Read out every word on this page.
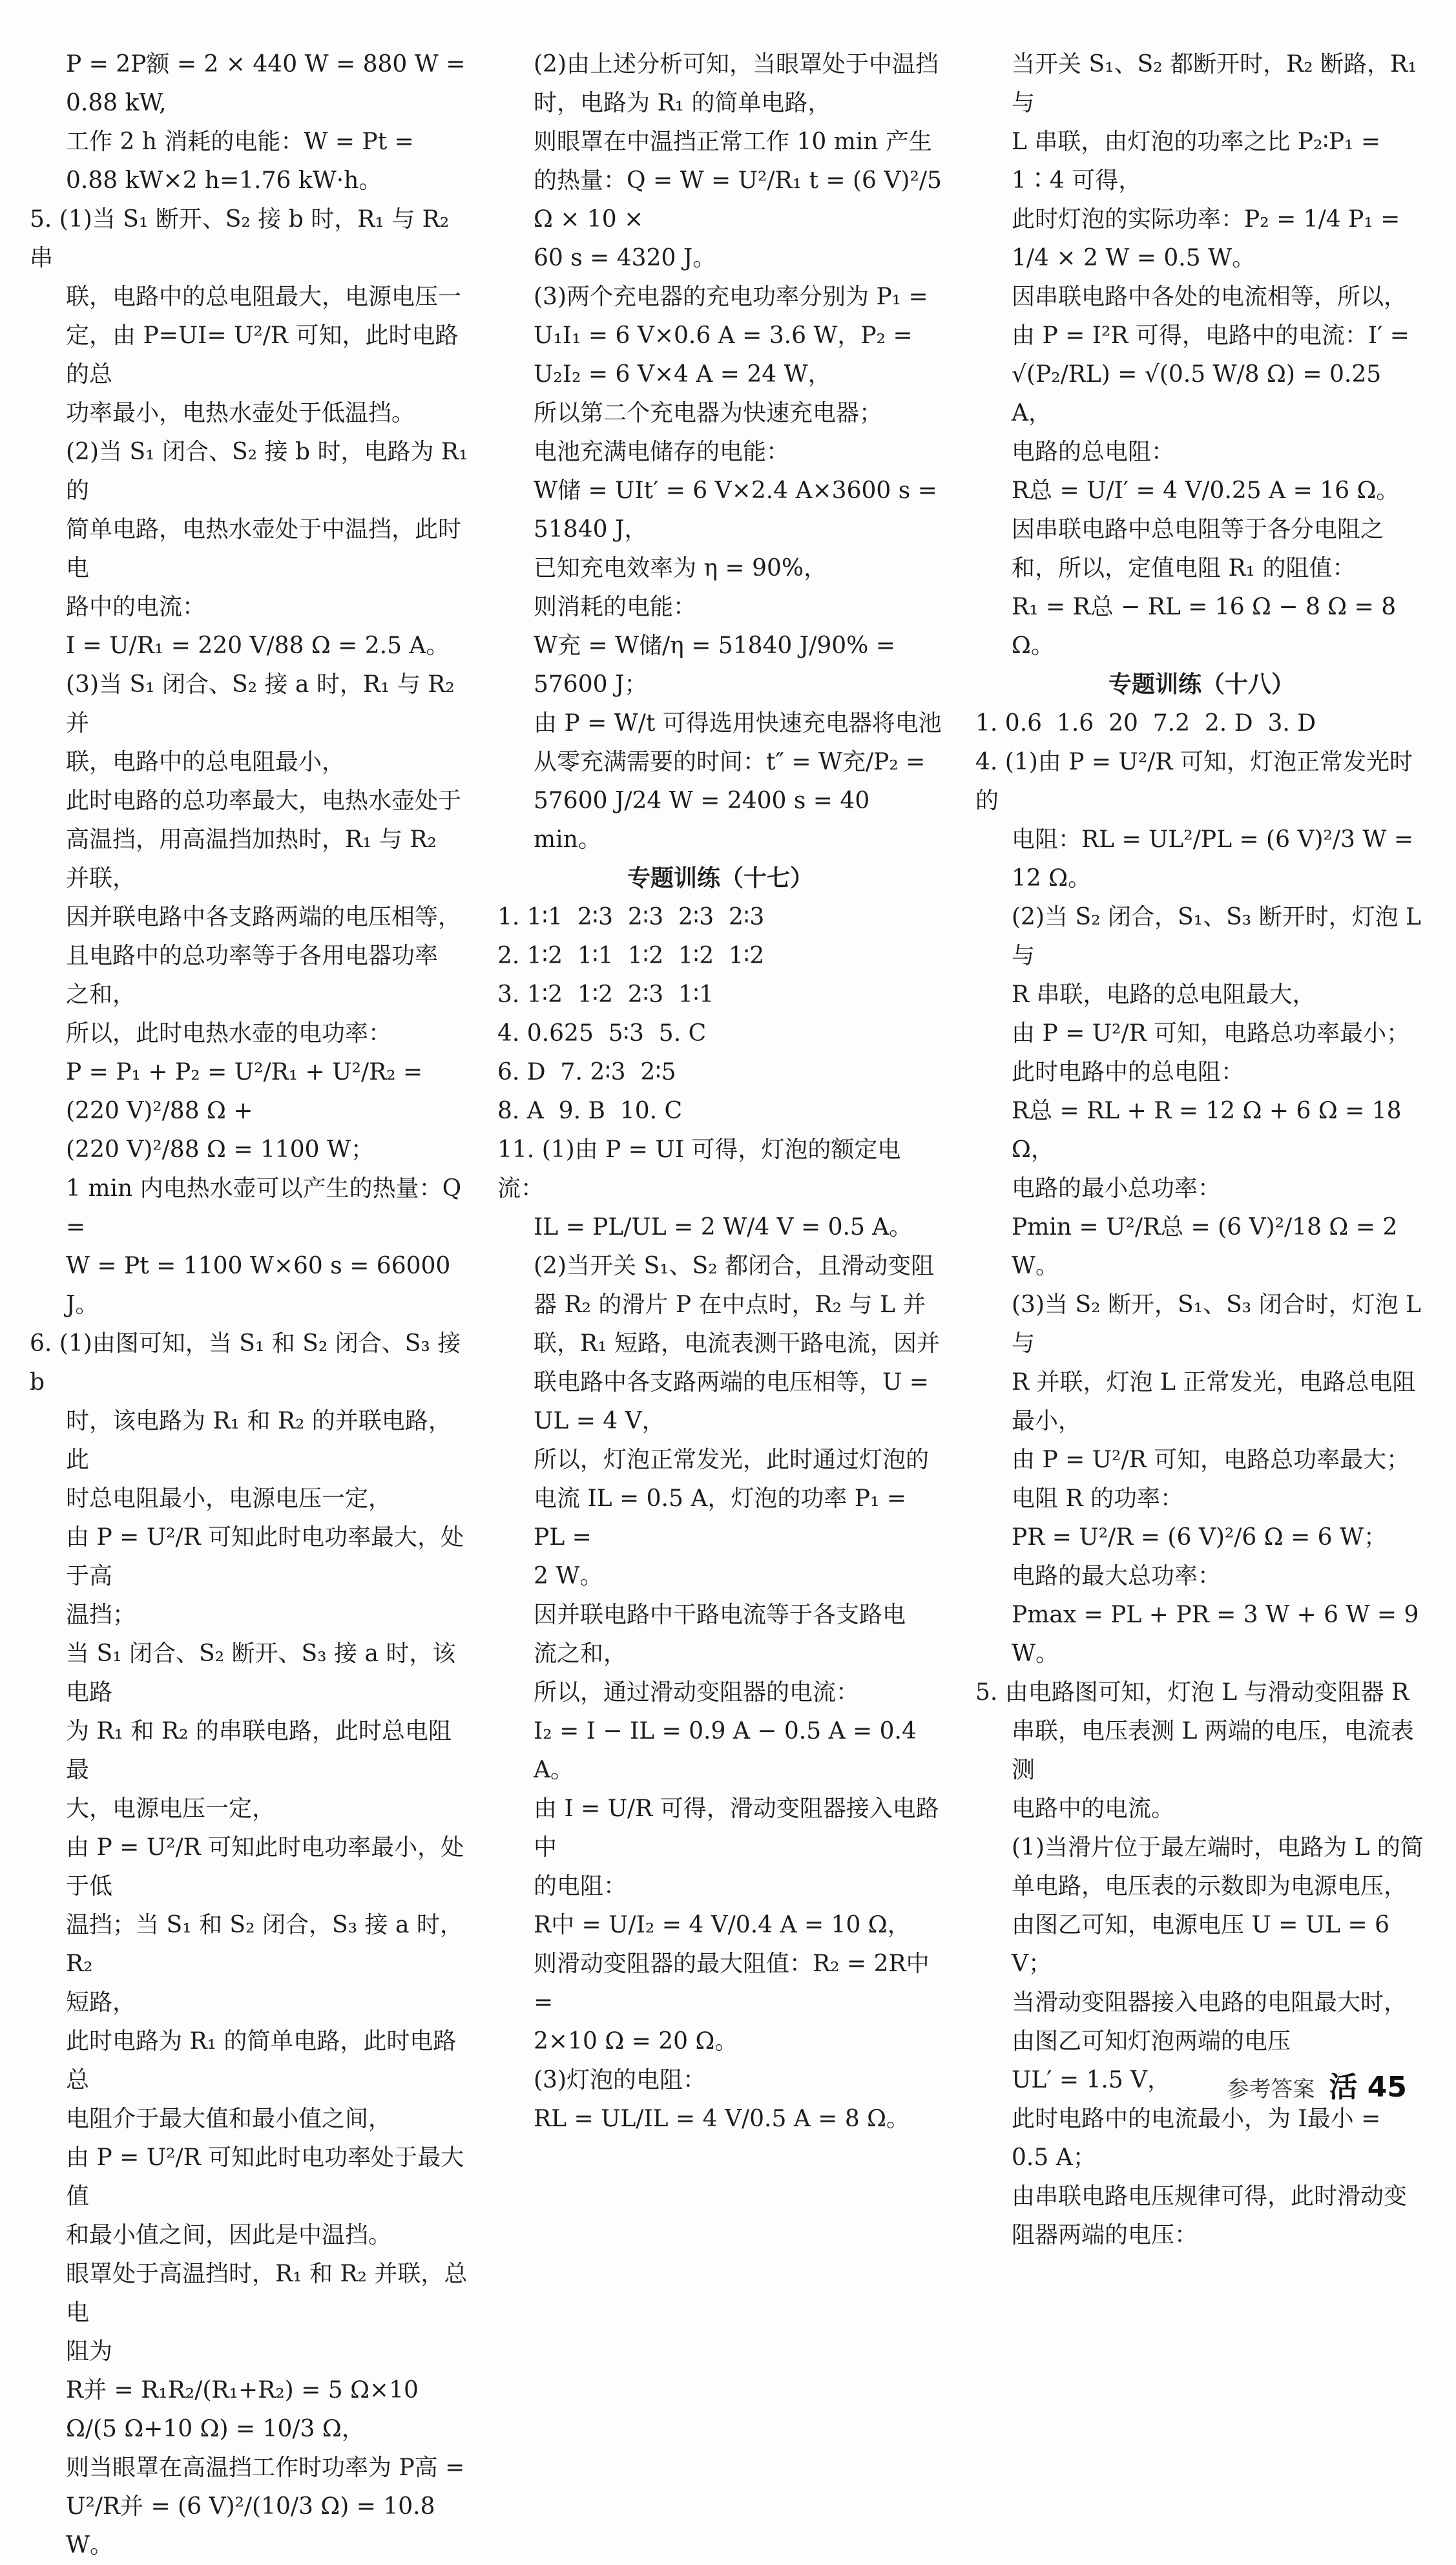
P = 2P额 = 2 × 440 W = 880 W =
0.88 kW,
工作 2 h 消耗的电能：W = Pt =
0.88 kW×2 h=1.76 kW·h。
5. (1)当 S₁ 断开、S₂ 接 b 时，R₁ 与 R₂ 串
联，电路中的总电阻最大，电源电压一
定，由 P=UI= U²/R 可知，此时电路的总
功率最小，电热水壶处于低温挡。
(2)当 S₁ 闭合、S₂ 接 b 时，电路为 R₁ 的
简单电路，电热水壶处于中温挡，此时电
路中的电流：
I = U/R₁ = 220 V/88 Ω = 2.5 A。
(3)当 S₁ 闭合、S₂ 接 a 时，R₁ 与 R₂ 并
联，电路中的总电阻最小，
此时电路的总功率最大，电热水壶处于
高温挡，用高温挡加热时，R₁ 与 R₂
并联，
因并联电路中各支路两端的电压相等，
且电路中的总功率等于各用电器功率
之和，
所以，此时电热水壶的电功率：
P = P₁ + P₂ = U²/R₁ + U²/R₂ = (220 V)²/88 Ω +
(220 V)²/88 Ω = 1100 W；
1 min 内电热水壶可以产生的热量：Q =
W = Pt = 1100 W×60 s = 66000 J。
6. (1)由图可知，当 S₁ 和 S₂ 闭合、S₃ 接 b
时，该电路为 R₁ 和 R₂ 的并联电路，此
时总电阻最小，电源电压一定，
由 P = U²/R 可知此时电功率最大，处于高
温挡；
当 S₁ 闭合、S₂ 断开、S₃ 接 a 时，该电路
为 R₁ 和 R₂ 的串联电路，此时总电阻最
大，电源电压一定，
由 P = U²/R 可知此时电功率最小，处于低
温挡；当 S₁ 和 S₂ 闭合，S₃ 接 a 时，R₂
短路，
此时电路为 R₁ 的简单电路，此时电路总
电阻介于最大值和最小值之间，
由 P = U²/R 可知此时电功率处于最大值
和最小值之间，因此是中温挡。
眼罩处于高温挡时，R₁ 和 R₂ 并联，总电
阻为
R并 = R₁R₂/(R₁+R₂) = 5 Ω×10 Ω/(5 Ω+10 Ω) = 10/3 Ω，
则当眼罩在高温挡工作时功率为 P高 =
U²/R并 = (6 V)²/(10/3 Ω) = 10.8 W。
(2)由上述分析可知，当眼罩处于中温挡
时，电路为 R₁ 的简单电路，
则眼罩在中温挡正常工作 10 min 产生
的热量：Q = W = U²/R₁ t = (6 V)²/5 Ω × 10 ×
60 s = 4320 J。
(3)两个充电器的充电功率分别为 P₁ =
U₁I₁ = 6 V×0.6 A = 3.6 W，P₂ =
U₂I₂ = 6 V×4 A = 24 W，
所以第二个充电器为快速充电器；
电池充满电储存的电能：
W储 = UIt′ = 6 V×2.4 A×3600 s =
51840 J，
已知充电效率为 η = 90%，
则消耗的电能：
W充 = W储/η = 51840 J/90% = 57600 J；
由 P = W/t 可得选用快速充电器将电池
从零充满需要的时间：t″ = W充/P₂ =
57600 J/24 W = 2400 s = 40 min。
专题训练（十七）
1. 1∶1  2∶3  2∶3  2∶3  2∶3
2. 1∶2  1∶1  1∶2  1∶2  1∶2
3. 1∶2  1∶2  2∶3  1∶1
4. 0.625  5∶3  5. C
6. D  7. 2∶3  2∶5
8. A  9. B  10. C
11. (1)由 P = UI 可得，灯泡的额定电流：
IL = PL/UL = 2 W/4 V = 0.5 A。
(2)当开关 S₁、S₂ 都闭合，且滑动变阻
器 R₂ 的滑片 P 在中点时，R₂ 与 L 并
联，R₁ 短路，电流表测干路电流，因并
联电路中各支路两端的电压相等，U =
UL = 4 V，
所以，灯泡正常发光，此时通过灯泡的
电流 IL = 0.5 A，灯泡的功率 P₁ = PL =
2 W。
因并联电路中干路电流等于各支路电
流之和，
所以，通过滑动变阻器的电流：
I₂ = I − IL = 0.9 A − 0.5 A = 0.4 A。
由 I = U/R 可得，滑动变阻器接入电路中
的电阻：
R中 = U/I₂ = 4 V/0.4 A = 10 Ω，
则滑动变阻器的最大阻值：R₂ = 2R中 =
2×10 Ω = 20 Ω。
(3)灯泡的电阻：
RL = UL/IL = 4 V/0.5 A = 8 Ω。
当开关 S₁、S₂ 都断开时，R₂ 断路，R₁ 与
L 串联，由灯泡的功率之比 P₂∶P₁ =
1∶4 可得，
此时灯泡的实际功率：P₂ = 1/4 P₁ =
1/4 × 2 W = 0.5 W。
因串联电路中各处的电流相等，所以，
由 P = I²R 可得，电路中的电流：I′ =
√(P₂/RL) = √(0.5 W/8 Ω) = 0.25 A，
电路的总电阻：
R总 = U/I′ = 4 V/0.25 A = 16 Ω。
因串联电路中总电阻等于各分电阻之
和，所以，定值电阻 R₁ 的阻值：
R₁ = R总 − RL = 16 Ω − 8 Ω = 8 Ω。
专题训练（十八）
1. 0.6  1.6  20  7.2  2. D  3. D
4. (1)由 P = U²/R 可知，灯泡正常发光时的
电阻：RL = UL²/PL = (6 V)²/3 W = 12 Ω。
(2)当 S₂ 闭合，S₁、S₃ 断开时，灯泡 L 与
R 串联，电路的总电阻最大，
由 P = U²/R 可知，电路总功率最小；
此时电路中的总电阻：
R总 = RL + R = 12 Ω + 6 Ω = 18 Ω，
电路的最小总功率：
Pmin = U²/R总 = (6 V)²/18 Ω = 2 W。
(3)当 S₂ 断开，S₁、S₃ 闭合时，灯泡 L 与
R 并联，灯泡 L 正常发光，电路总电阻
最小，
由 P = U²/R 可知，电路总功率最大；
电阻 R 的功率：
PR = U²/R = (6 V)²/6 Ω = 6 W；
电路的最大总功率：
Pmax = PL + PR = 3 W + 6 W = 9 W。
5. 由电路图可知，灯泡 L 与滑动变阻器 R
串联，电压表测 L 两端的电压，电流表测
电路中的电流。
(1)当滑片位于最左端时，电路为 L 的简
单电路，电压表的示数即为电源电压，
由图乙可知，电源电压 U = UL = 6 V；
当滑动变阻器接入电路的电阻最大时，
由图乙可知灯泡两端的电压
UL′ = 1.5 V，
此时电路中的电流最小，为 I最小 =
0.5 A；
由串联电路电压规律可得，此时滑动变
阻器两端的电压：
参考答案 活 45
